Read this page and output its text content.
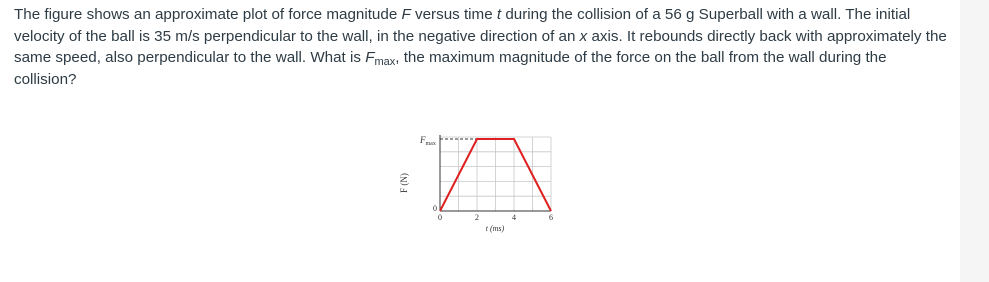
The figure shows an approximate plot of force magnitude F versus time t during the collision of a 56 g Superball with a wall. The initial velocity of the ball is 35 m/s perpendicular to the wall, in the negative direction of an x axis. It rebounds directly back with approximately the same speed, also perpendicular to the wall. What is $F_{max}$, the maximum magnitude of the force on the ball from the wall during the collision?
F (N)
$F_{max}$
0
0	2	4	6
t (ms)
